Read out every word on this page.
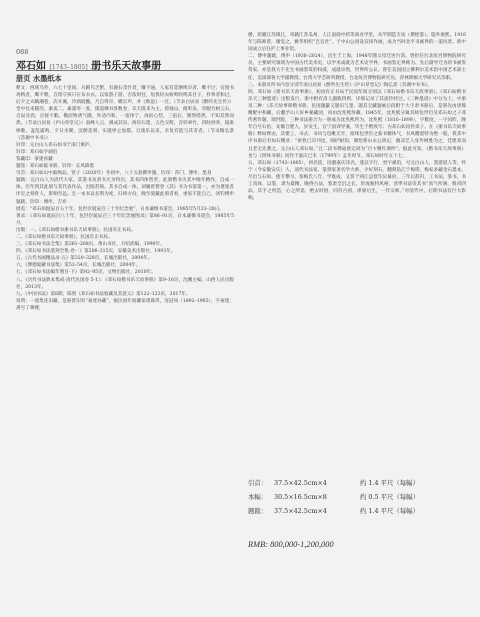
088
邓石如 [1743–1805] 册书乐天故事册
册页 水墨纸本

释文：西域乌外，六七十里间，凡羁鸟乏繁，有鹿石茂竹者，雕不通，人家有觅洒鸣早者，鹰不过；有围书鸡鸭者，鹰不喂，自留守孩只在布衣衣。以家游子游，否依时往，短我轻衣候鸣吹鸣其目子，抖拳者和过，后夕之夫瞒湘巷，次开溪，冷酒既酿，乃自得享，横宗声，并《秋思》一过。（节录白居易《醉吟先生传》）堂中往来猫浩，素衷二，素浦琴一张，儒道佛书各数卷，乐天既来为主，仰观山，俯听泉，旁睨竹树云石，自辰及酉，应接不暇。俄而物诱气随，外适内和，一宿体宁，再宿心恬，三宿后，颓然嗒然，不知其然而然。（节录白居易《庐山草堂记》）南峰人云，满成其泉，两岸石墨，五色交辉，音样翠竹，四时供养，镜垂棹歌，盖乱霜鸣，夕日水聚，沉醉竟刻，实就界之仙都。自康乐以来，未复有能与其奇者。（节录陶弘景《答谢中书书》）

钤印：完白山人邓石如书于南门寓庐。

钤印：邓石如字顽伯

鉴藏印：豪迷孙藏

题签：邓石如临书册，钤印：长风降墨

引首：邓石如山中临帧品，贤子（2020年）冬初中，八十五翁撰申题。钤印：莎门、傅申、墨身

题跋：完白山人为清代大家，其篆书及隶书尤为特出，其书四体皆善，此册楷书为其中晚年精作，自成一体。历年到其此册与其代表作品，出版甚频。其书自成一体，刘墉曾赞誉《其》书为书第第一，亦为著迷者评定之刻骨人，影响至远。且一本书以名利为度，归终方份。晚至爱藏此册者看，重家不能自己，闭钓傅申题跋。钤印：傅申、吉祥

展览：“邓石如诞辰百五十年，包世臣诞辰百三十年纪念展”，日本谦慎书道会，1985年5月23–28日。

著录：《邓石如诞辰百八十年，包世臣诞辰百三十年纪念展图录》第86–91页，日本谦慎书道会，1985年5月。

出版：一、《邓石如楷书册书乐天故事册》，民国有正书局。

二、《邓石如楷书乐天故事册》，民国有正书局。

三、《邓石如书法全集》第261–268页，黄山书社，方绍武编，1990年。

四、《邓石如书法篆刻全集·卷一》第206–215页，安徽美术出版社，1993年。

五、《古代书画精品录·五》第320–328页，长城出版社，2004年。

六、《傅德爱藏书法集》第53–54页，长城出版社，2004年。

七、《邓石如书法编年图目·下》第92–95页，文物出版社，2010年。

八、《历代书法典本集成·清代民国卷 5-1》：《邓石如楷书乐天故事册》第9–16页，沈鹏主编，山西人民出版社，2013年。

九、《中国书法》第8期，陈智《邓石如书法收藏及其意义》第122–123页，2017年。

说明：一流集连旧藏，是册曾旧有“豪迷孙藏”，据民国年间藏家诸葛巩，连冠凤（1892–1965），字豪迷，斋号了骞楼，

楼，原籍江苏镇江，寄籍江苏瓜州，人江南商中药等商业学堂，从学制造专法（撰绘篆）。隐外康熙，1916年与陈师曾，谢觉之，姚华组织“岂宜社”，于中山公园设宣扬作画，成为当时北平书画界的一道风景。新中国成立后任沪上事业馆。

二、傅申题跋，傅申（1936–2024），出生于上海，1948年随父母迁居台湾。曾担任台北故宫博物院研究员，主要研究领域为中国古代美术史，以学术成就为艺术史学界，书画鉴定界称为、先后副导迁为的书画鉴赏家，亦是我大千先生书画鉴赏的权威，成就卓然，世界所公认。曾任美国国立佛利尔美术馆中国艺术部主任，美国耶鲁大学副教授，台湾大学艺研所教授，台北故宫博物院研究员，普林斯顿大学研究员等职。

三、本册页所书内容分别节录白居易《醉吟先生传》《庐山草堂记》陶弘景《答谢中书书》。

四、邓石如《册书乐天故事册》，初由有正书局于民国年间分别以《邓石如楷书乐天故事册》、《邓石如楷书乐天三种墨迹》出版发行。册中附有清人题跋四则，详细记录了其流传经过。《三种墨迹》中分为上、中册及二种：《乐天故事册楷书册，民国题籤又题识与墨，题其宝藏题画后段附于大字隶书册后，是册先由唐熊精配中和藏，后翻予山人好乡秘藏园，再由沈兆熙珍藏，1845年，沈兆熙分辑其师包世臣及邓石如之子邓传密作题，瑞世版，三种书法册合为一册成为沈兆熙所为，沈兆熙（1810–1899），字雅度，一字闰昨，晚年自号石鱼，安徽合肥人，岁贡生，官宁国训导兼，毕生于楷致写；为邓石如再传弟子。在《册书乐天故事册》释如释由，其楷工、书式、书风与包毗无牢，接续包世臣之临书精体气，书风精湛特为绝一般，我其中序书册后有如石精业：“索我已决刊也，细护耐知，偶恰新山永公鸿记，幽凉艺人身作网胜为之，佳建邓而且老无先教之，完白山人邓石如。”且二段书傅毫欲完同为“百卞精红满纱”。据此可知，《楷书乐天故事册》也与《四体书册》同作于嘉庆已未（1799年）孟冬时节。邓石如时年五十七。

五、邓石如（1743–1805），初名琰，因避嘉庆讳名，遂以字行，更字顽伯，号完白山人，笈游道人等，怀宁（今安徽安庆）人，清代书法家，篆刻家著名学大师，少好刻石，翻刻钻江宁梅镠，梅家多藏金石墨本，尽出与石如，使专攀习，客梅氏八年，学既成，又客于两江总督毕沅幕府，三年后辞归，工书法，篆书，书工真体，以篆，隶为最精，晚得古法，篆隶全沉之长，形成独特风格，清季书法崇其书“真气所满，惟帝四品，其手之所造，心之所追，绝去时俗，同符古初，津梁后生，一代宗师。”对清代中，后期书法有巨大影响。

引首：	37.5×42.5cm×4	约 1.4 平尺（每幅）
本幅：	30.5×16.5cm×8	约 0.5 平尺（每幅）
题跋：	37.5×42.5cm×4	约 1.4 平尺（每幅）
RMB: 800,000-1,200,000
